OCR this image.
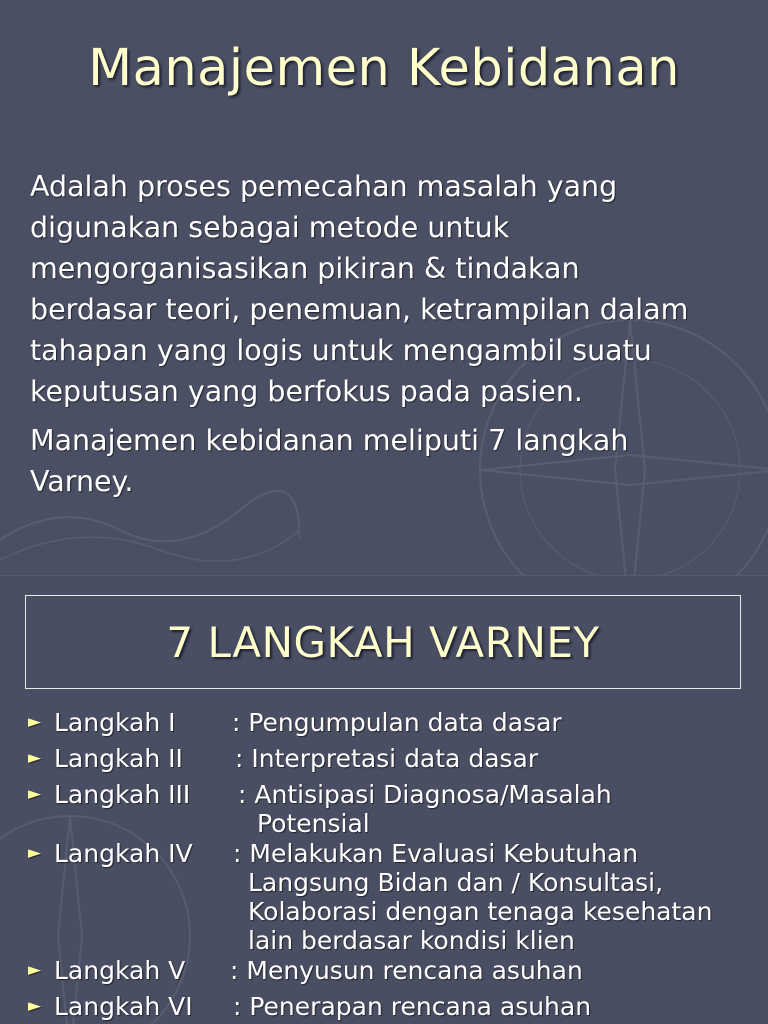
Manajemen Kebidanan
Adalah proses pemecahan masalah yang
digunakan sebagai metode untuk
mengorganisasikan pikiran & tindakan
berdasar teori, penemuan, ketrampilan dalam
tahapan yang logis untuk mengambil suatu
keputusan yang berfokus pada pasien.
Manajemen kebidanan meliputi 7 langkah
Varney.
7 LANGKAH VARNEY
► Langkah I : Pengumpulan data dasar
► Langkah II : Interpretasi data dasar
► Langkah III : Antisipasi Diagnosa/Masalah
Potensial
► Langkah IV : Melakukan Evaluasi Kebutuhan
Langsung Bidan dan / Konsultasi,
Kolaborasi dengan tenaga kesehatan
lain berdasar kondisi klien
► Langkah V : Menyusun rencana asuhan
► Langkah VI : Penerapan rencana asuhan
